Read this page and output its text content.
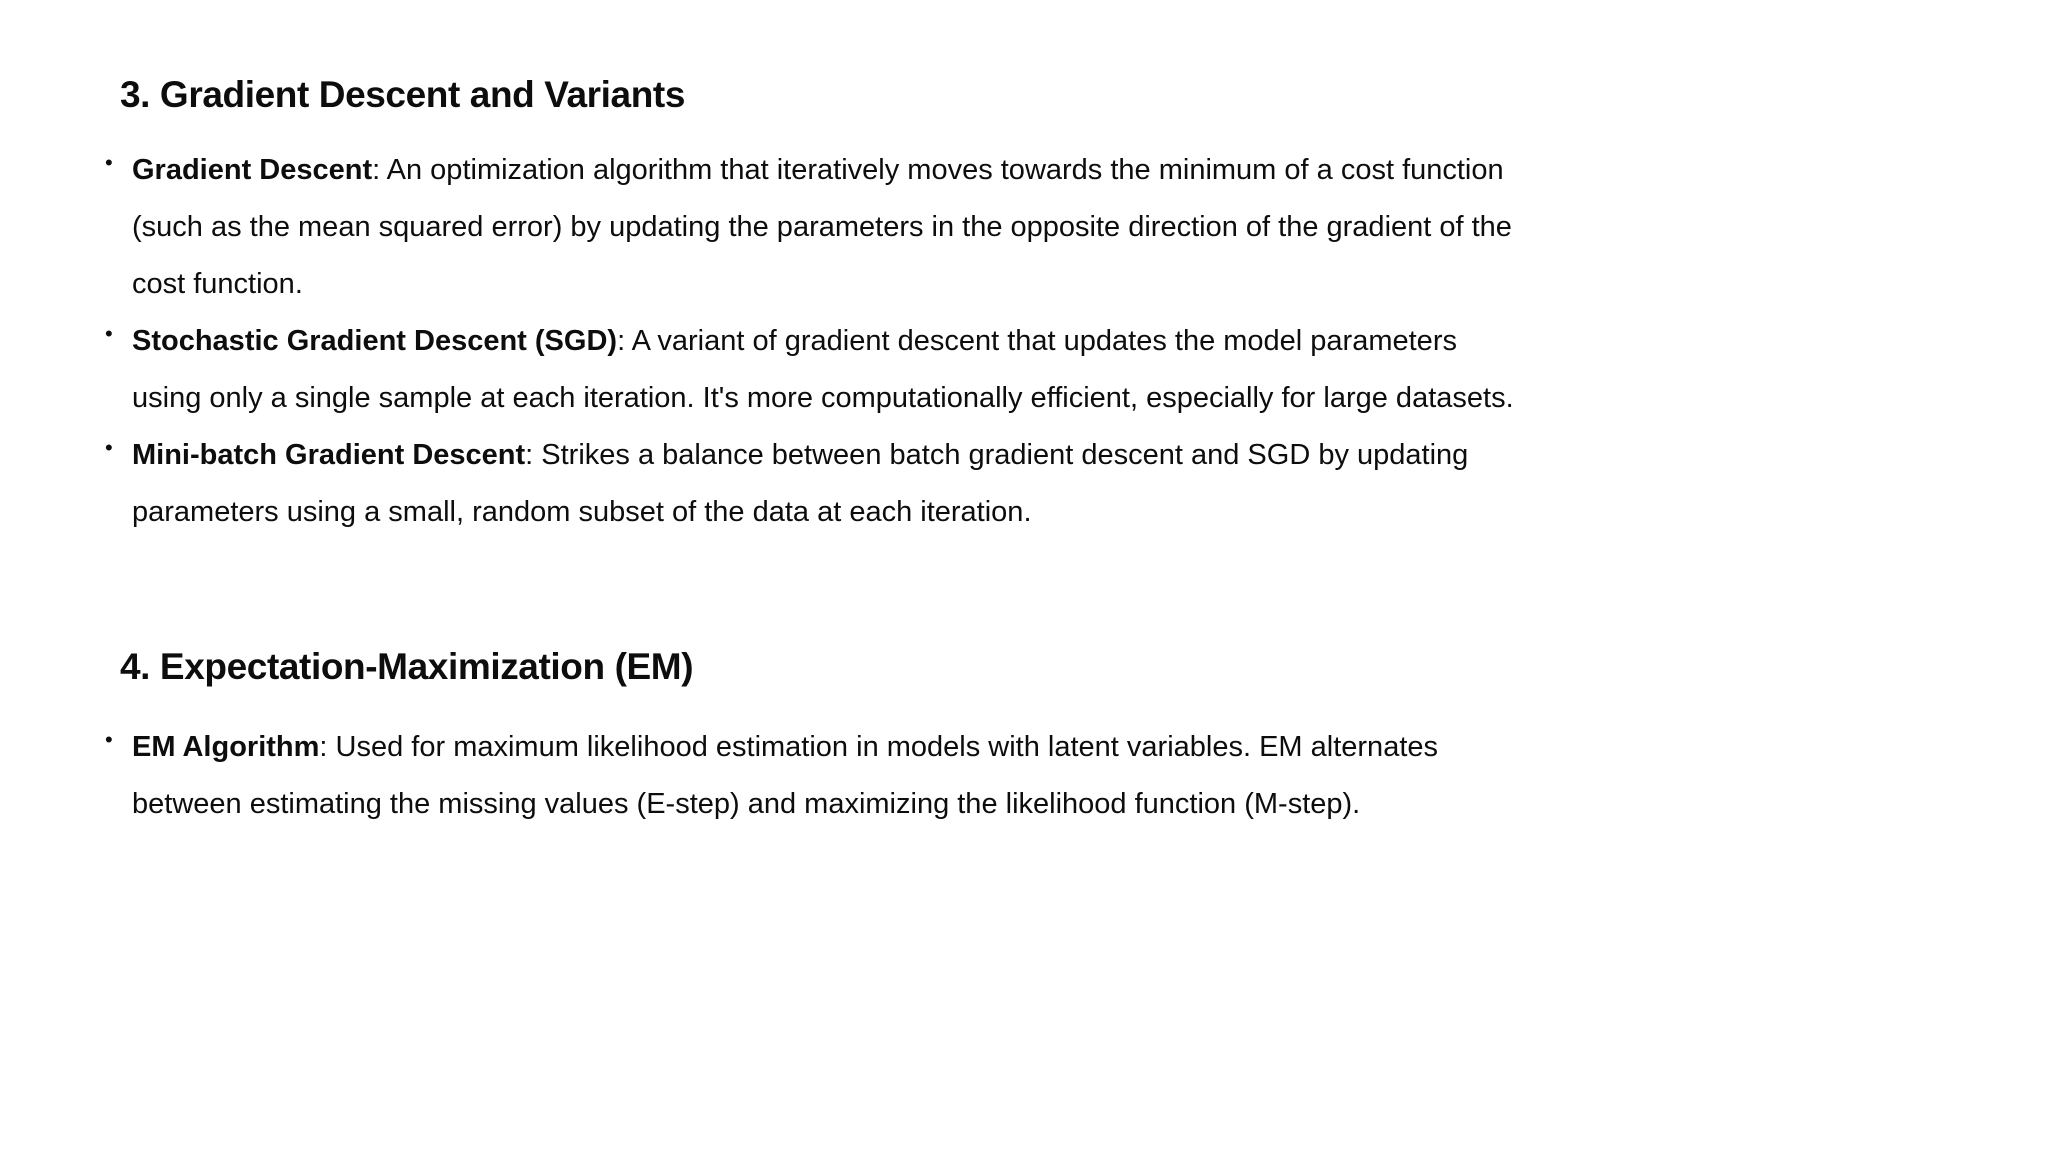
3. Gradient Descent and Variants
• Gradient Descent: An optimization algorithm that iteratively moves towards the minimum of a cost function (such as the mean squared error) by updating the parameters in the opposite direction of the gradient of the cost function.
• Stochastic Gradient Descent (SGD): A variant of gradient descent that updates the model parameters using only a single sample at each iteration. It's more computationally efficient, especially for large datasets.
• Mini-batch Gradient Descent: Strikes a balance between batch gradient descent and SGD by updating parameters using a small, random subset of the data at each iteration.
4. Expectation-Maximization (EM)
• EM Algorithm: Used for maximum likelihood estimation in models with latent variables. EM alternates between estimating the missing values (E-step) and maximizing the likelihood function (M-step).
